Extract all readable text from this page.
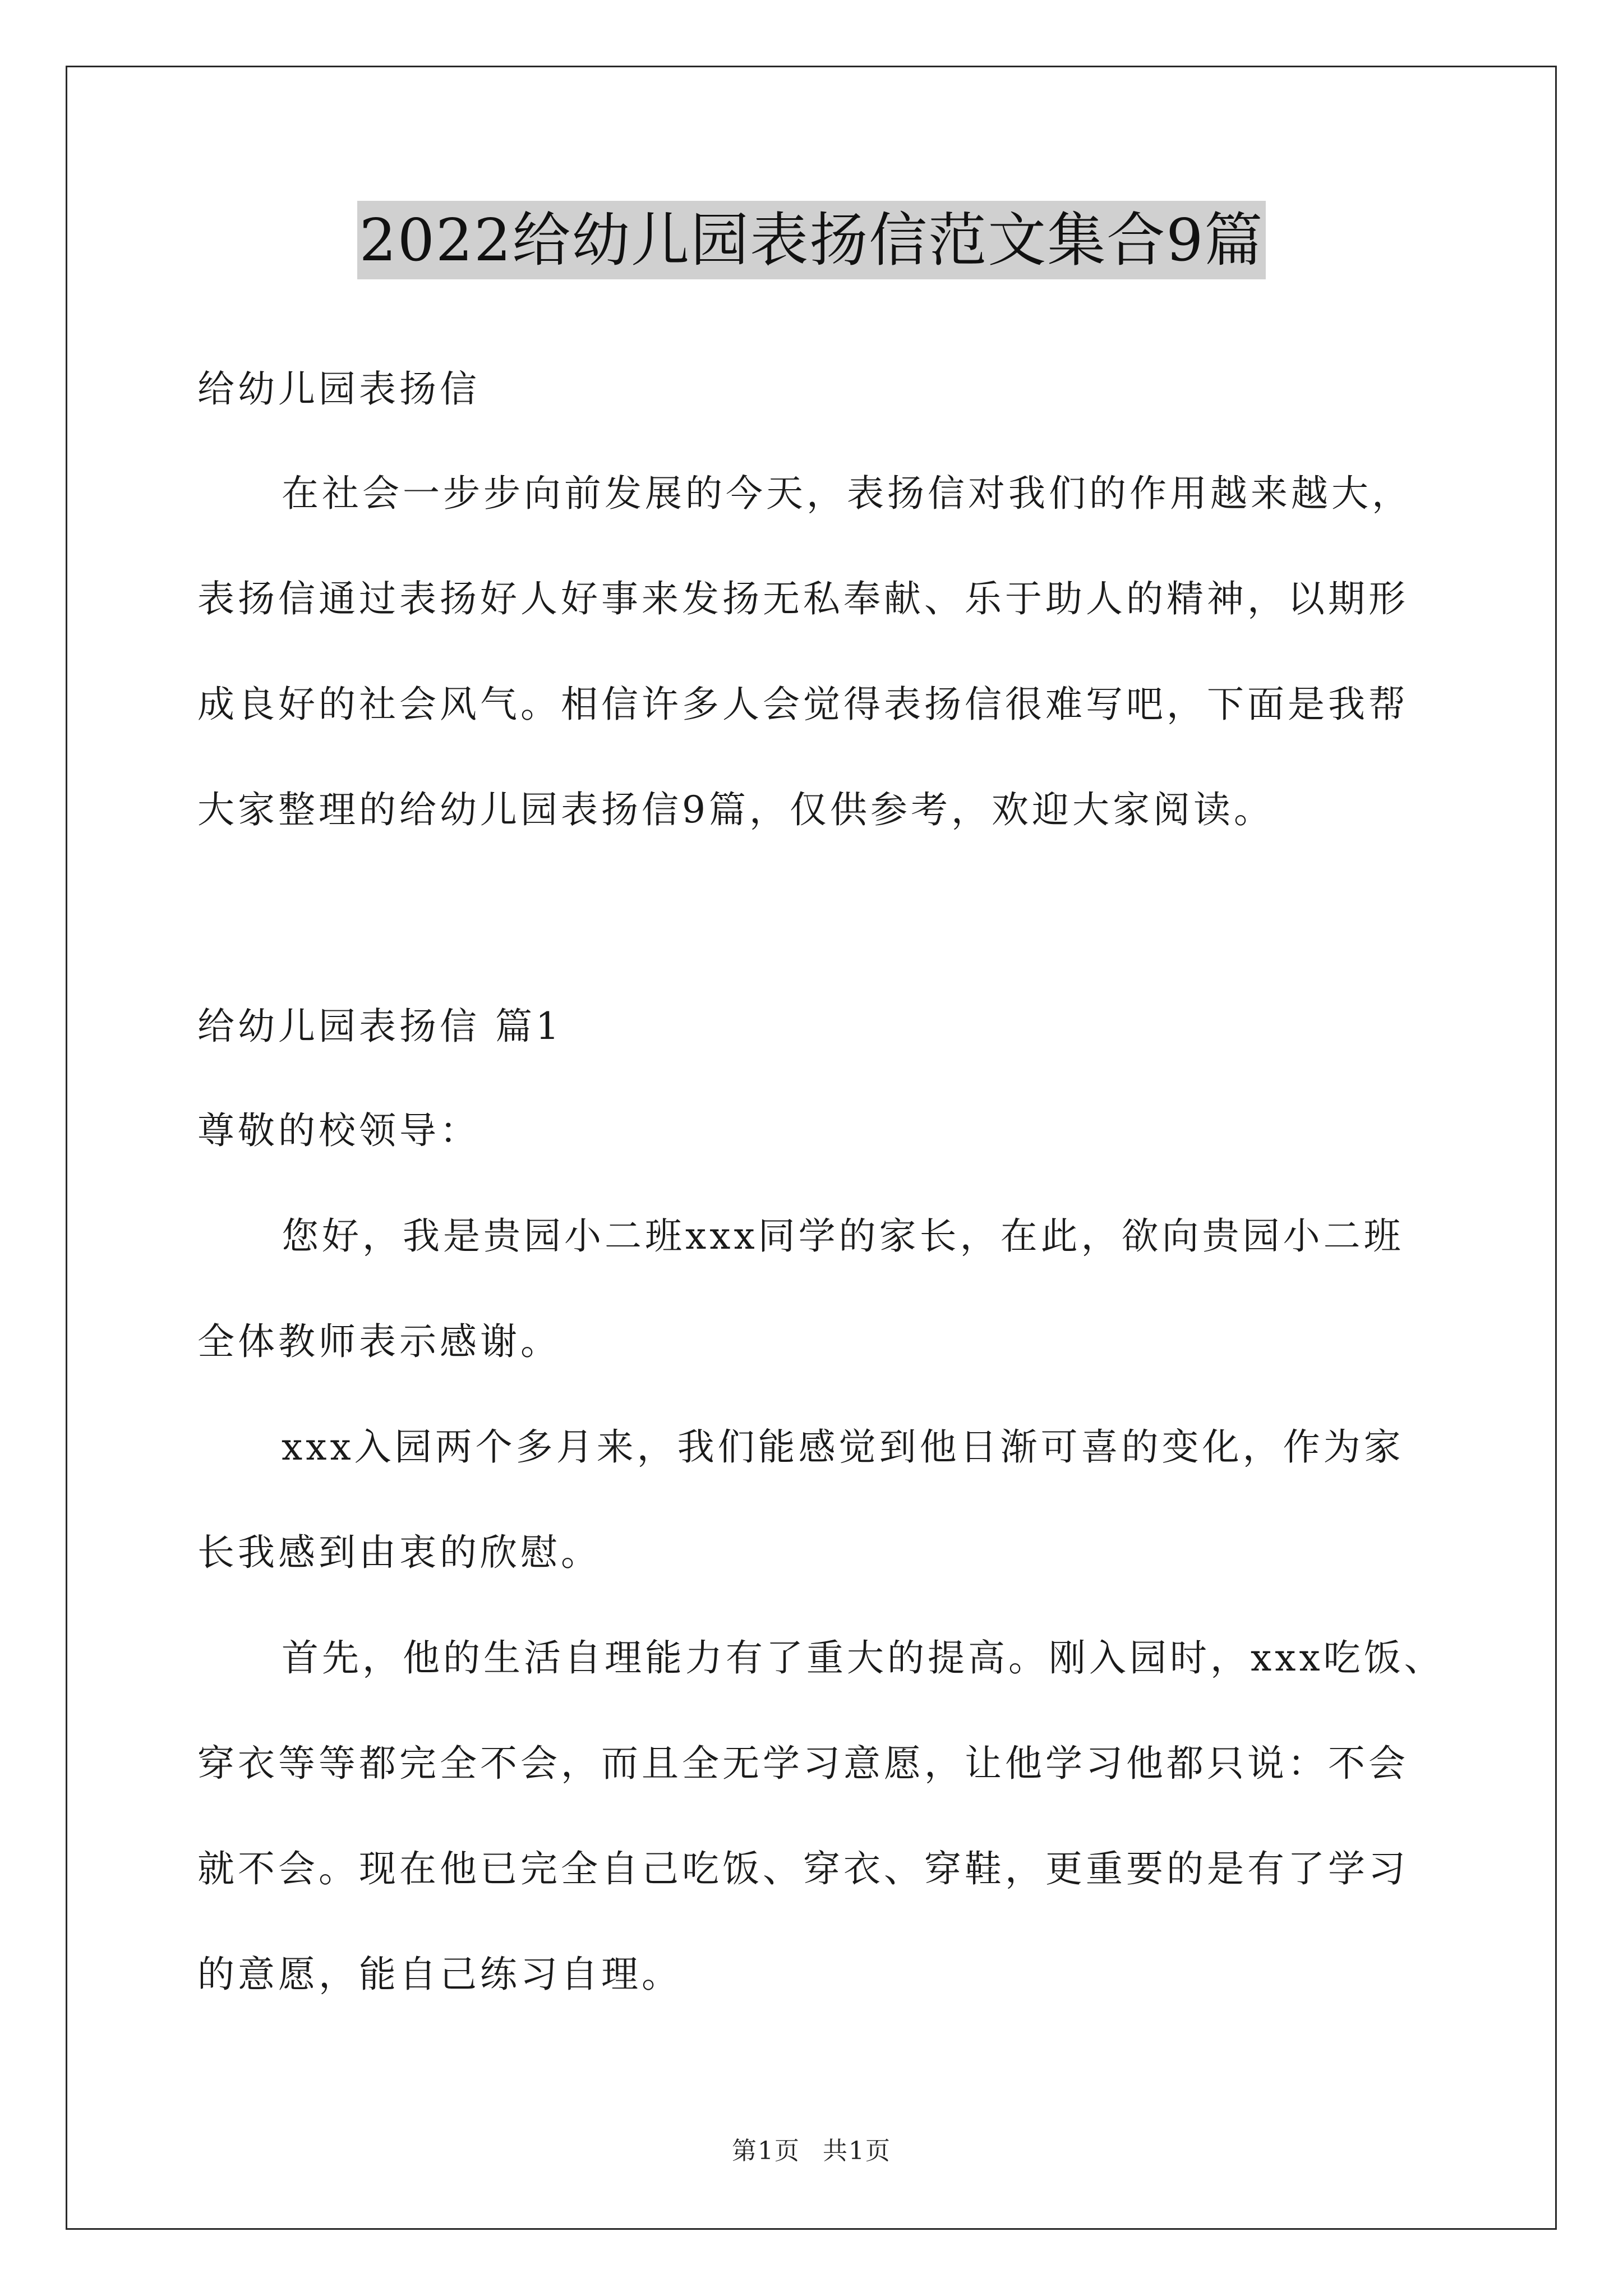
2022给幼儿园表扬信范文集合9篇
给幼儿园表扬信
在社会一步步向前发展的今天，表扬信对我们的作用越来越大，
表扬信通过表扬好人好事来发扬无私奉献、乐于助人的精神，以期形
成良好的社会风气。相信许多人会觉得表扬信很难写吧，下面是我帮
大家整理的给幼儿园表扬信9篇，仅供参考，欢迎大家阅读。
给幼儿园表扬信 篇1
尊敬的校领导：
您好，我是贵园小二班xxx同学的家长，在此，欲向贵园小二班
全体教师表示感谢。
xxx入园两个多月来，我们能感觉到他日渐可喜的变化，作为家
长我感到由衷的欣慰。
首先，他的生活自理能力有了重大的提高。刚入园时，xxx吃饭、
穿衣等等都完全不会，而且全无学习意愿，让他学习他都只说：不会
就不会。现在他已完全自己吃饭、穿衣、穿鞋，更重要的是有了学习
的意愿，能自己练习自理。
第1页 共1页
